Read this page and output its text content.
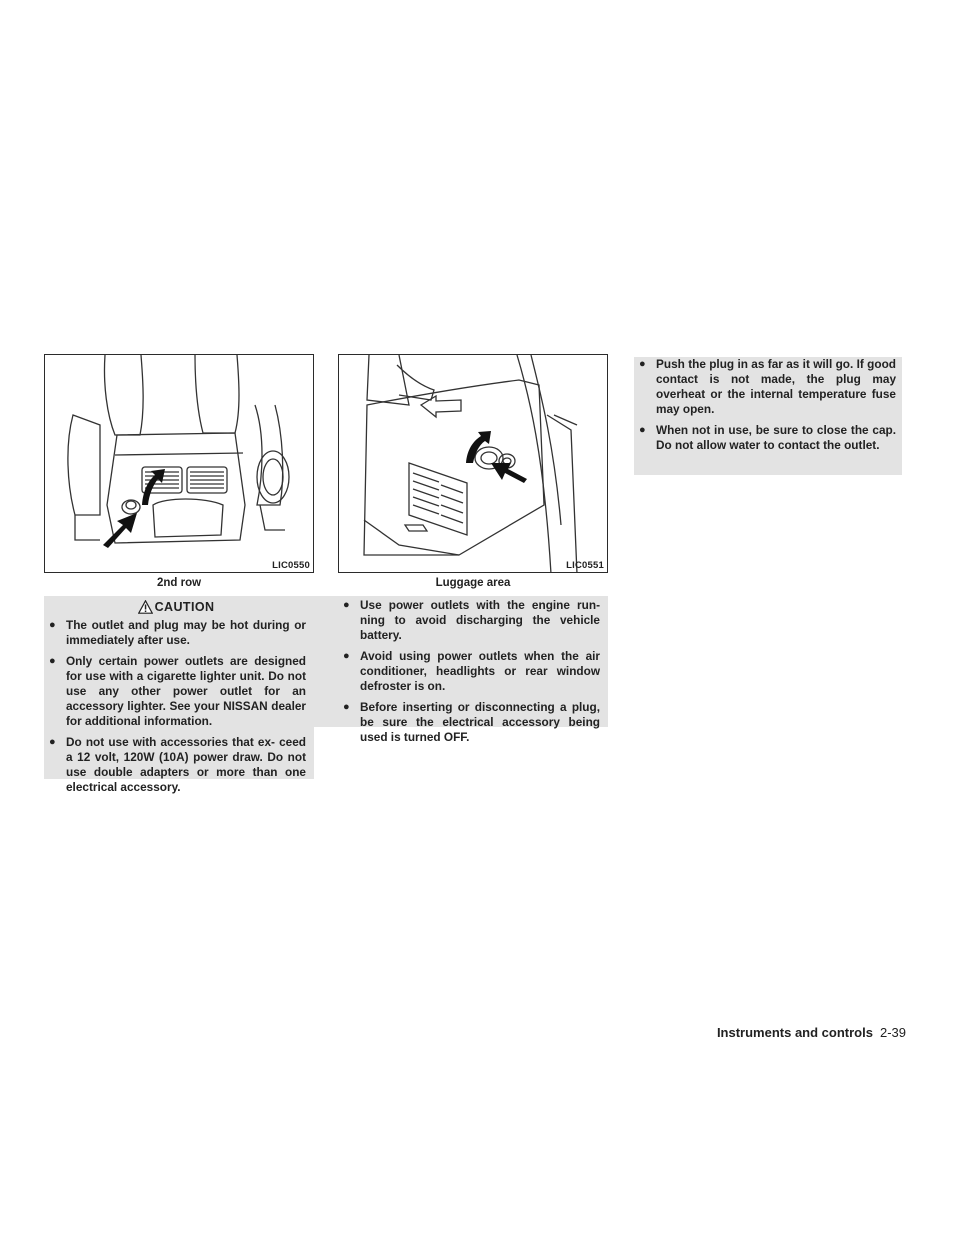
LIC0550
2nd row
LIC0551
Luggage area
CAUTION
● The outlet and plug may be hot during or immediately after use.
● Only certain power outlets are designed for use with a cigarette lighter unit. Do not use any other power outlet for an accessory lighter. See your NISSAN dealer for additional information.
● Do not use with accessories that ex- ceed a 12 volt, 120W (10A) power draw. Do not use double adapters or more than one electrical accessory.
● Use power outlets with the engine run- ning to avoid discharging the vehicle battery.
● Avoid using power outlets when the air conditioner, headlights or rear window defroster is on.
● Before inserting or disconnecting a plug, be sure the electrical accessory being used is turned OFF.
● Push the plug in as far as it will go. If good contact is not made, the plug may overheat or the internal temperature fuse may open.
● When not in use, be sure to close the cap. Do not allow water to contact the outlet.
Instruments and controls 2-39
